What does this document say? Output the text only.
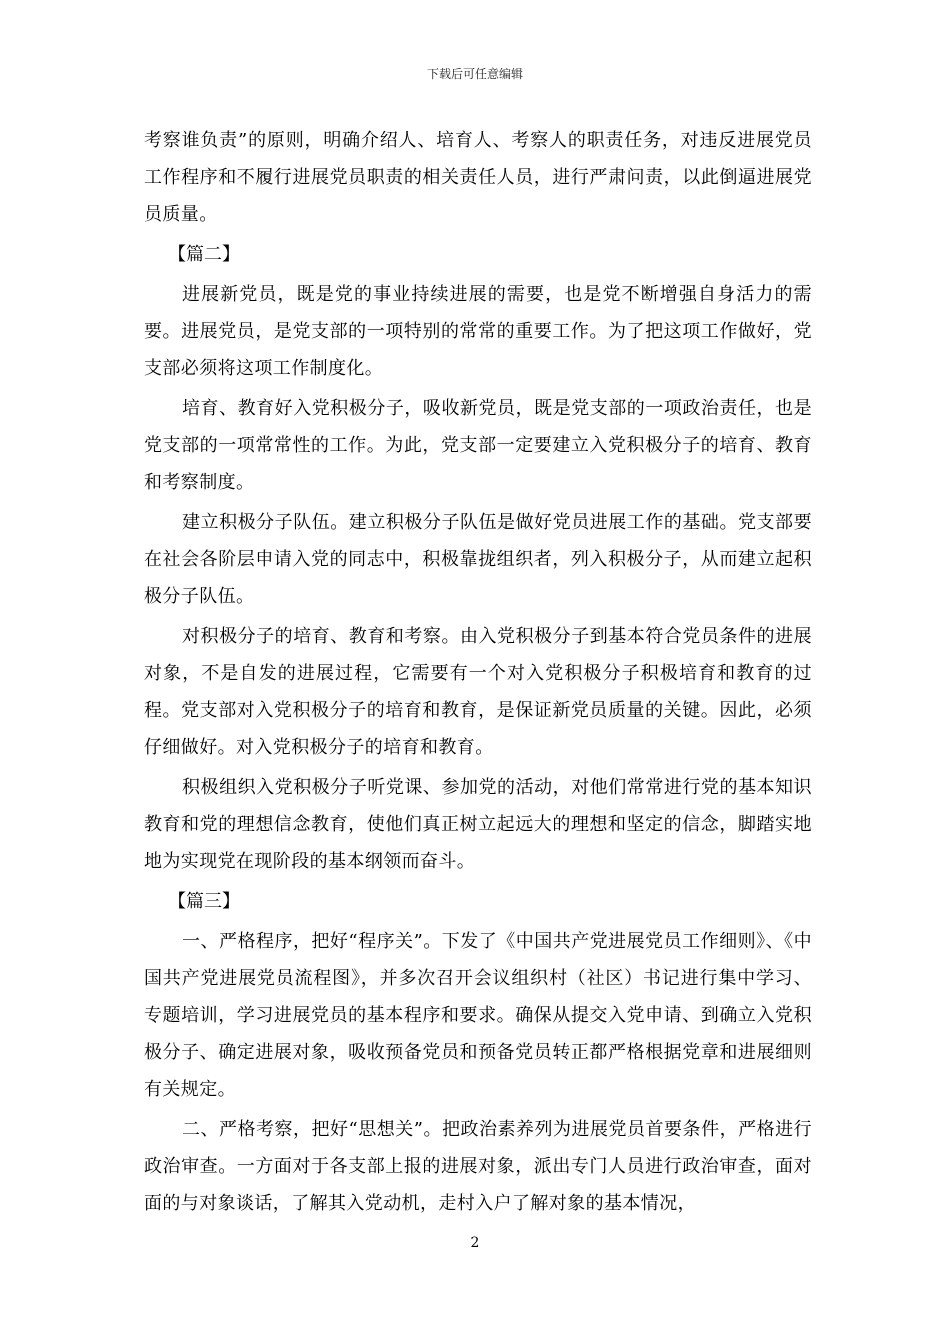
下载后可任意编辑

考察谁负责”的原则，明确介绍人、培育人、考察人的职责任务，对违反进展党员工作程序和不履行进展党员职责的相关责任人员，进行严肃问责，以此倒逼进展党员质量。

【篇二】

进展新党员，既是党的事业持续进展的需要，也是党不断增强自身活力的需要。进展党员，是党支部的一项特别的常常的重要工作。为了把这项工作做好，党支部必须将这项工作制度化。

培育、教育好入党积极分子，吸收新党员，既是党支部的一项政治责任，也是党支部的一项常常性的工作。为此，党支部一定要建立入党积极分子的培育、教育和考察制度。

建立积极分子队伍。建立积极分子队伍是做好党员进展工作的基础。党支部要在社会各阶层申请入党的同志中，积极靠拢组织者，列入积极分子，从而建立起积极分子队伍。

对积极分子的培育、教育和考察。由入党积极分子到基本符合党员条件的进展对象，不是自发的进展过程，它需要有一个对入党积极分子积极培育和教育的过程。党支部对入党积极分子的培育和教育，是保证新党员质量的关键。因此，必须仔细做好。对入党积极分子的培育和教育。

积极组织入党积极分子听党课、参加党的活动，对他们常常进行党的基本知识教育和党的理想信念教育，使他们真正树立起远大的理想和坚定的信念，脚踏实地地为实现党在现阶段的基本纲领而奋斗。

【篇三】

一、严格程序，把好“程序关”。下发了《中国共产党进展党员工作细则》、《中国共产党进展党员流程图》，并多次召开会议组织村（社区）书记进行集中学习、专题培训，学习进展党员的基本程序和要求。确保从提交入党申请、到确立入党积极分子、确定进展对象，吸收预备党员和预备党员转正都严格根据党章和进展细则有关规定。

二、严格考察，把好“思想关”。把政治素养列为进展党员首要条件，严格进行政治审查。一方面对于各支部上报的进展对象，派出专门人员进行政治审查，面对面的与对象谈话，了解其入党动机，走村入户了解对象的基本情况，

2
